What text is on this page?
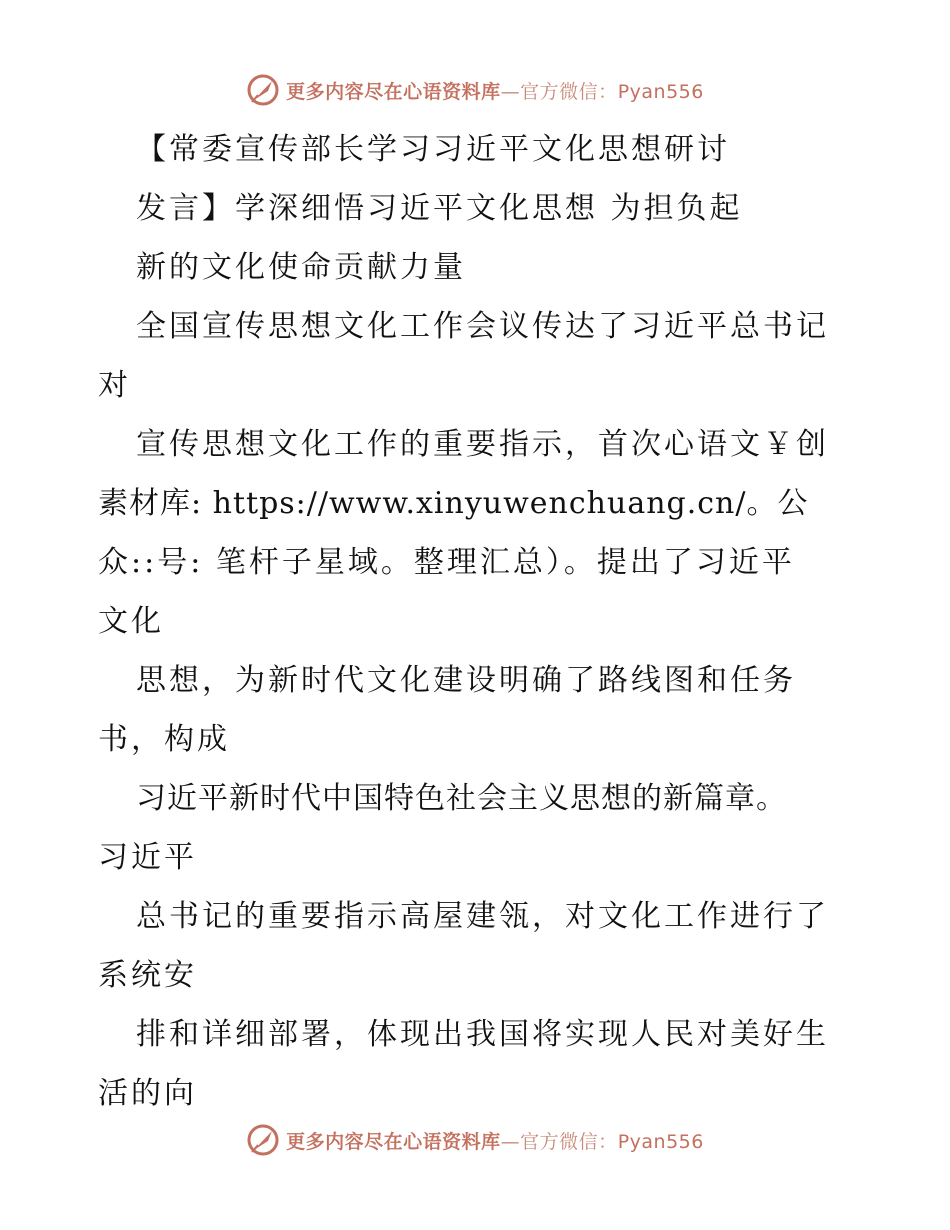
更多内容尽在心语资料库—官方微信：Pyan556
【常委宣传部长学习习近平文化思想研讨
发言】学深细悟习近平文化思想 为担负起
新的文化使命贡献力量
全国宣传思想文化工作会议传达了习近平总书记
对
宣传思想文化工作的重要指示，首次心语文￥创
素材库: https://www.xinyuwenchuang.cn/。公
众::号: 笔杆子星域。整理汇总）。提出了习近平
文化
思想，为新时代文化建设明确了路线图和任务
书，构成
习近平新时代中国特色社会主义思想的新篇章。
习近平
总书记的重要指示高屋建瓴，对文化工作进行了
系统安
排和详细部署，体现出我国将实现人民对美好生
活的向
更多内容尽在心语资料库—官方微信：Pyan556
